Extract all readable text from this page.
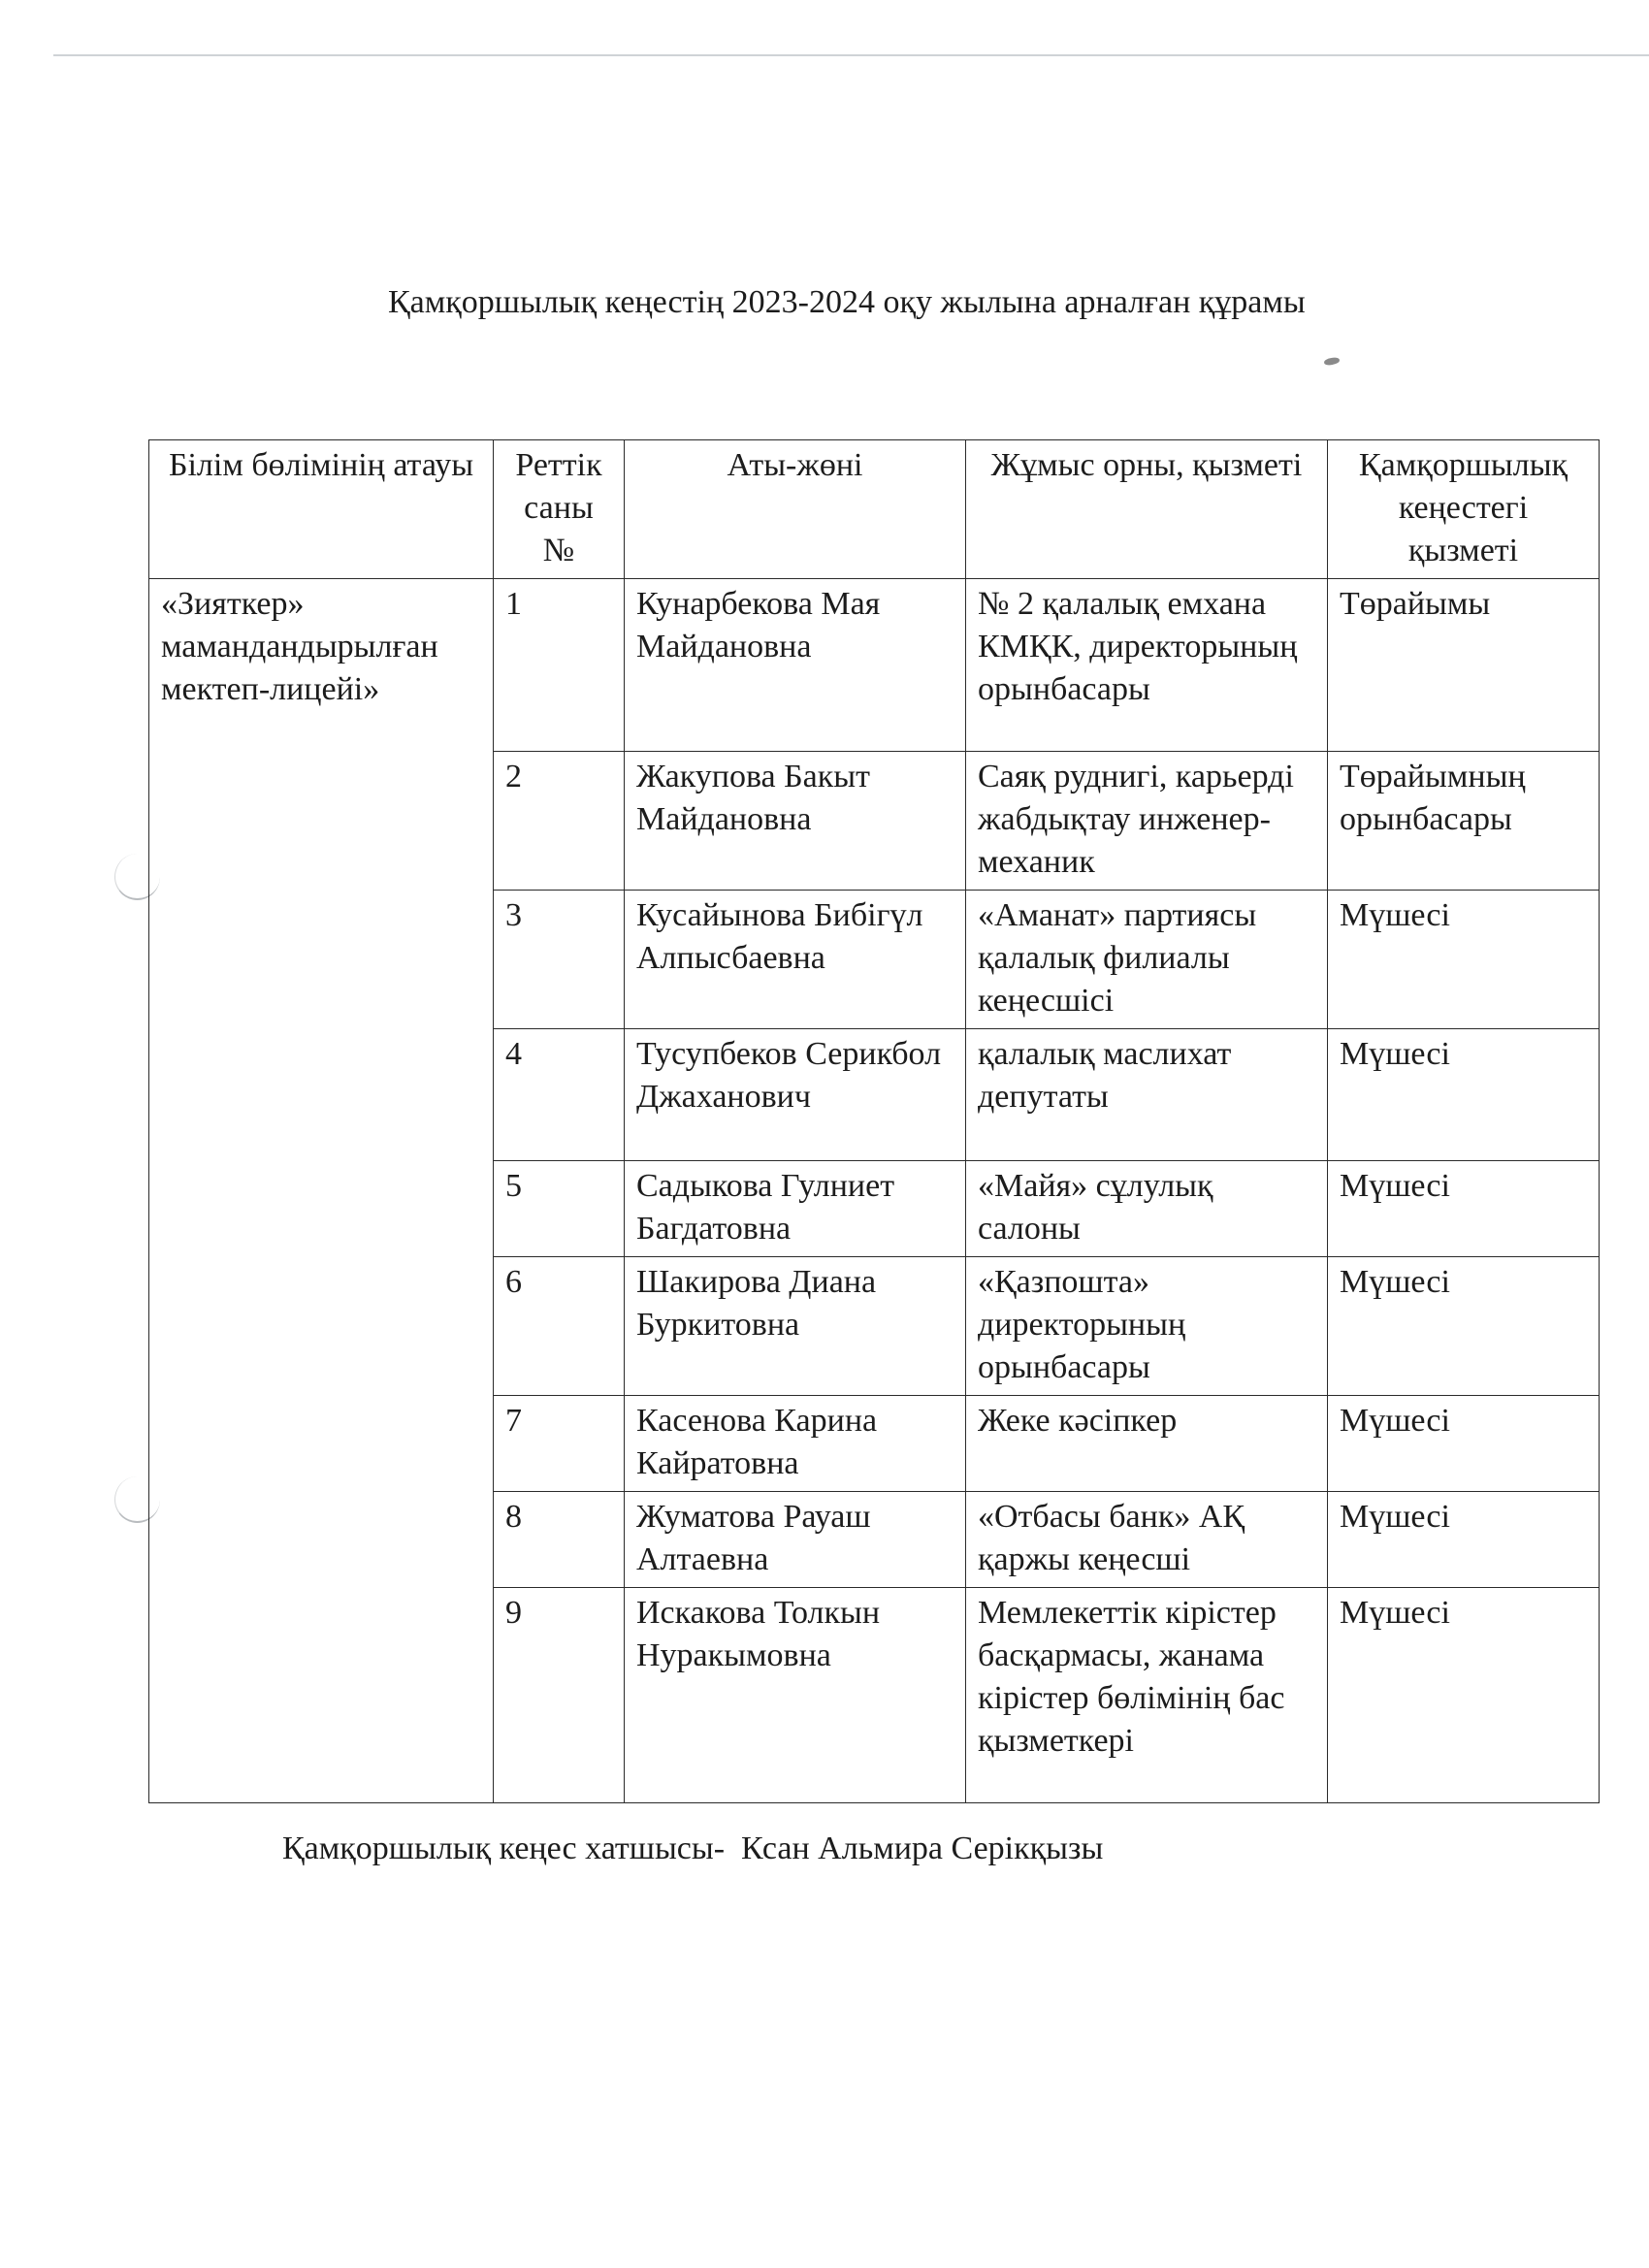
Қамқоршылық кеңестің 2023-2024 оқу жылына арналған құрамы
Білім бөлімінің атауы	Реттік саны №	Аты-жөні	Жұмыс орны, қызметі	Қамқоршылық кеңестегі қызметі
«Зияткер» мамандандырылған мектеп-лицейі»	1	Кунарбекова Мая Майдановна	№ 2 қалалық емхана КМҚК, директорының орынбасары	Төрайымы
	2	Жакупова Бакыт Майдановна	Саяқ руднигі, карьерді жабдықтау инженер-механик	Төрайымның орынбасары
	3	Кусайынова Бибігүл Алпысбаевна	«Аманат» партиясы қалалық филиалы кеңесшісі	Мүшесі
	4	Тусупбеков Серикбол Джаханович	қалалық маслихат депутаты	Мүшесі
	5	Садыкова Гулниет Багдатовна	«Майя» сұлулық салоны	Мүшесі
	6	Шакирова Диана Буркитовна	«Қазпошта» директорының орынбасары	Мүшесі
	7	Касенова Карина Кайратовна	Жеке кәсіпкер	Мүшесі
	8	Жуматова Рауаш Алтаевна	«Отбасы банк» АҚ қаржы кеңесші	Мүшесі
	9	Искакова Толкын Нуракымовна	Мемлекеттік кірістер басқармасы, жанама кірістер бөлімінің бас қызметкері	Мүшесі
Қамқоршылық кеңес хатшысы-  Ксан Альмира Серікқызы
